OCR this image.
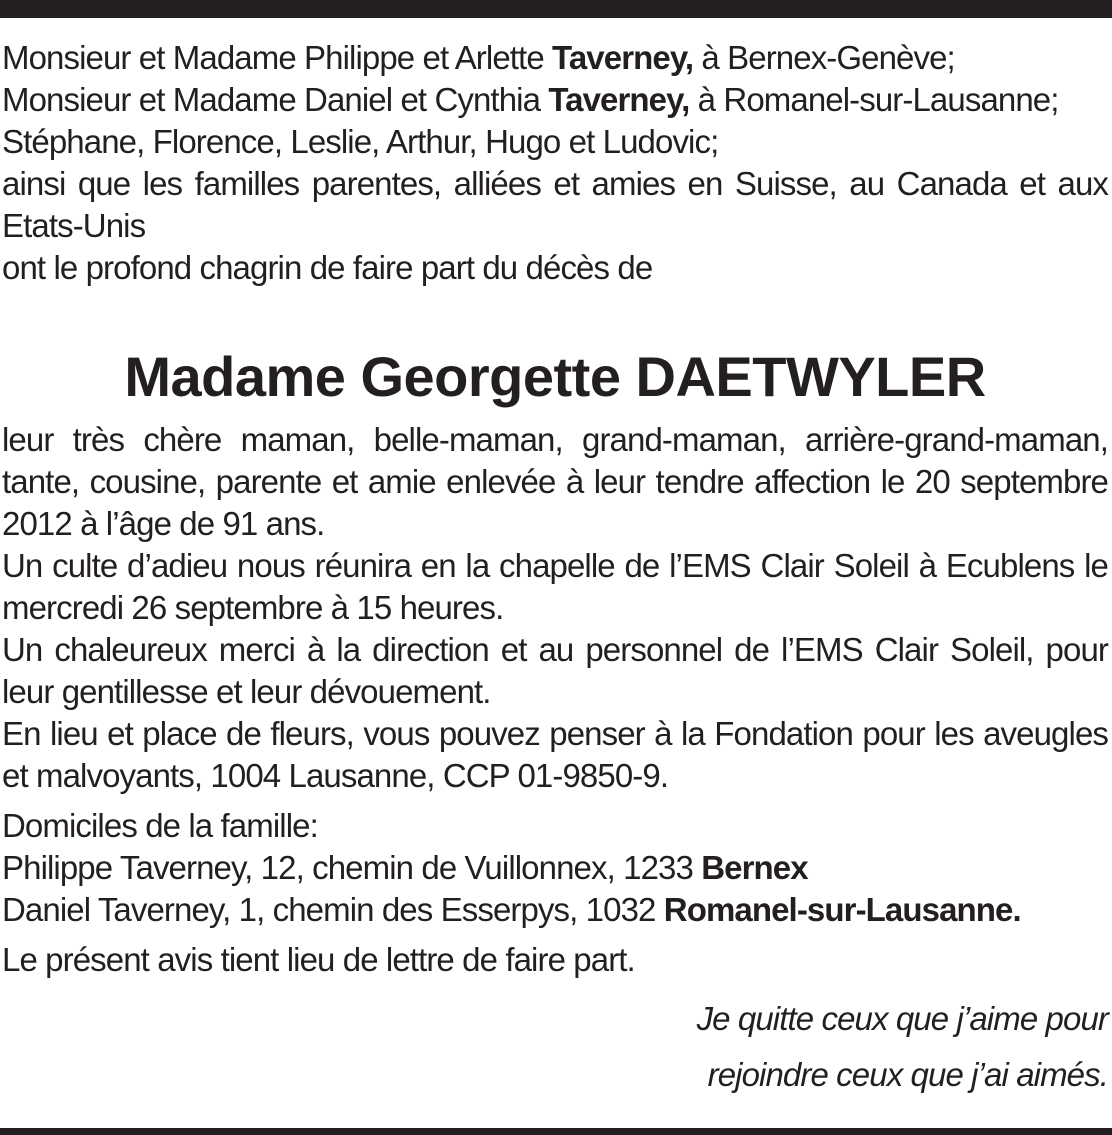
Monsieur et Madame Philippe et Arlette Taverney, à Bernex-Genève;

Monsieur et Madame Daniel et Cynthia Taverney, à Romanel-sur-Lausanne;

Stéphane, Florence, Leslie, Arthur, Hugo et Ludovic;

ainsi que les familles parentes, alliées et amies en Suisse, au Canada et aux Etats-Unis

ont le profond chagrin de faire part du décès de

Madame Georgette DAETWYLER

leur très chère maman, belle-maman, grand-maman, arrière-grand-maman, tante, cousine, parente et amie enlevée à leur tendre affection le 20 septembre 2012 à l’âge de 91 ans.

Un culte d’adieu nous réunira en la chapelle de l’EMS Clair Soleil à Ecublens le mercredi 26 septembre à 15 heures.

Un chaleureux merci à la direction et au personnel de l’EMS Clair Soleil, pour leur gentillesse et leur dévouement.

En lieu et place de fleurs, vous pouvez penser à la Fondation pour les aveugles et malvoyants, 1004 Lausanne, CCP 01-9850-9.

Domiciles de la famille:

Philippe Taverney, 12, chemin de Vuillonnex, 1233 Bernex

Daniel Taverney, 1, chemin des Esserpys, 1032 Romanel-sur-Lausanne.

Le présent avis tient lieu de lettre de faire part.

Je quitte ceux que j’aime pour
rejoindre ceux que j’ai aimés.
